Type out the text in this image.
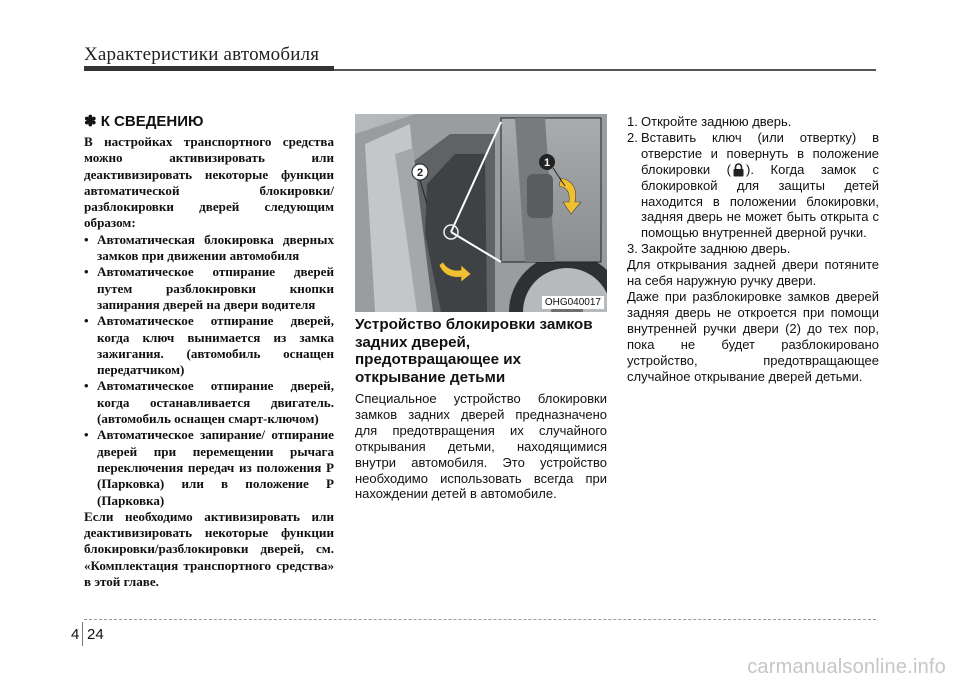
Характеристики автомобиля
✽ К СВЕДЕНИЮ

В настройках транспортного средства можно активизировать или деактивизировать некоторые функции автоматической блокировки/разблокировки дверей следующим образом:

• Автоматическая блокировка дверных замков при движении автомобиля
• Автоматическое отпирание дверей путем разблокировки кнопки запирания дверей на двери водителя
• Автоматическое отпирание дверей, когда ключ вынимается из замка зажигания. (автомобиль оснащен передатчиком)
• Автоматическое отпирание дверей, когда останавливается двигатель. (автомобиль оснащен смарт-ключом)
• Автоматическое запирание/ отпирание дверей при перемещении рычага переключения передач из положения P (Парковка) или в положение P (Парковка)

Если необходимо активизировать или деактивизировать некоторые функции блокировки/разблокировки дверей, см. «Комплектация транспортного средства» в этой главе.

1
2
OHG040017
Устройство блокировки замков задних дверей, предотвращающее их открывание детьми

Специальное устройство блокировки замков задних дверей предназначено для предотвращения их случайного открывания детьми, находящимися внутри автомобиля. Это устройство необходимо использовать всегда при нахождении детей в автомобиле.

1. Откройте заднюю дверь.
2. Вставить ключ (или отвертку) в отверстие и повернуть в положение блокировки ( ). Когда замок с блокировкой для защиты детей находится в положении блокировки, задняя дверь не может быть открыта с помощью внутренней дверной ручки.
3. Закройте заднюю дверь.

Для открывания задней двери потяните на себя наружную ручку двери.

Даже при разблокировке замков дверей задняя дверь не откроется при помощи внутренней ручки двери (2) до тех пор, пока не будет разблокировано устройство, предотвращающее случайное открывание дверей детьми.

4 24
carmanualsonline.info
